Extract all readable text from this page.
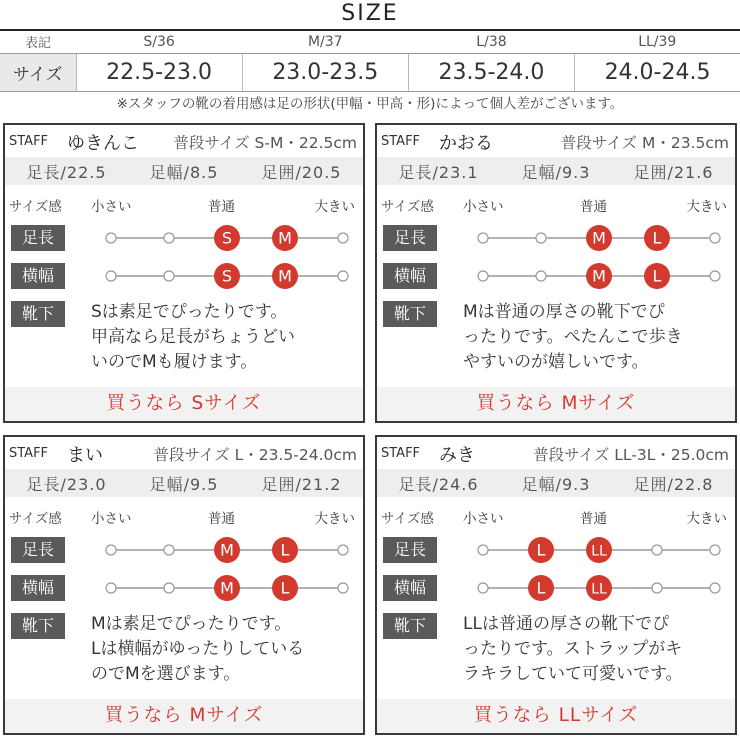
SIZE
表記	S/36	M/37	L/38	LL/39
サイズ	22.5-23.0	23.0-23.5	23.5-24.0	24.0-24.5
※スタッフの靴の着用感は足の形状(甲幅・甲高・形)によって個人差がございます。
STAFF ゆきんこ 普段サイズ S-M・22.5cm
足長/22.5	足幅/8.5	足囲/20.5
サイズ感 小さい	普通	大きい
足長	S	M
横幅	S	M
靴下	Sは素足でぴったりです。
甲高なら足長がちょうどい
いのでMも履けます。
買うなら Sサイズ
STAFF かおる	普段サイズ M・23.5cm
足長/23.1	足幅/9.3	足囲/21.6
サイズ感 小さい	普通	大きい
足長	M	L
横幅	M	L
靴下	Mは普通の厚さの靴下でぴ
ったりです。ぺたんこで歩き
やすいのが嬉しいです。
買うなら Mサイズ
STAFF まい	普段サイズ L・23.5-24.0cm
足長/23.0	足幅/9.5	足囲/21.2
サイズ感 小さい	普通	大きい
足長	M	L
横幅	M	L
靴下	Mは素足でぴったりです。
Lは横幅がゆったりしている
のでMを選びます。
買うなら Mサイズ
STAFF みき	普段サイズ LL-3L・25.0cm
足長/24.6	足幅/9.3	足囲/22.8
サイズ感 小さい	普通	大きい
足長	L	LL
横幅	L	LL
靴下	LLは普通の厚さの靴下でぴ
ったりです。ストラップがキ
ラキラしていて可愛いです。
買うなら LLサイズ
